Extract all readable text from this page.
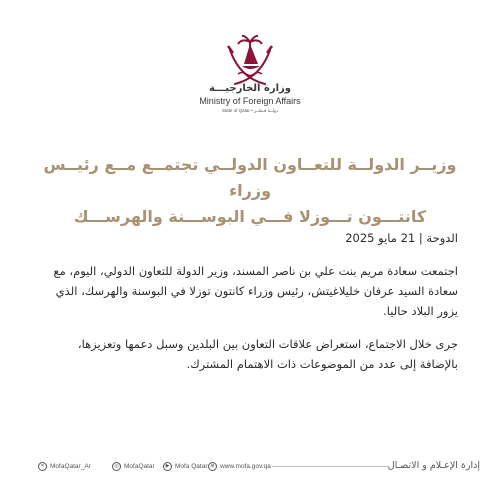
وزارة الخارجيـــة
Ministry of Foreign Affairs
State of Qatar • دولــة قـطــر
وزيــر الدولــة للتعــاون الدولــي تجتمــع مــع رئيــس وزراء
كانتـــون تـــوزلا فـــي البوســـنة والهرســـك
الدوحة | 21 مايو 2025
اجتمعت سعادة مريم بنت علي بن ناصر المسند، وزير الدولة للتعاون الدولي، اليوم، مع سعادة السيد عرفان خليلاغيتش، رئيس وزراء كانتون توزلا في البوسنة والهرسك، الذي يزور البلاد حاليا.
جرى خلال الاجتماع، استعراض علاقات التعاون بين البلدين وسبل دعمها وتعزيزها، بالإضافة إلى عدد من الموضوعات ذات الاهتمام المشترك.
✕ MofaQatar_Ar	◎ MofaQatar	▶ Mofa Qatar ⊕ www.mofa.gov.qa	إدارة الإعـلام و الاتصـال
